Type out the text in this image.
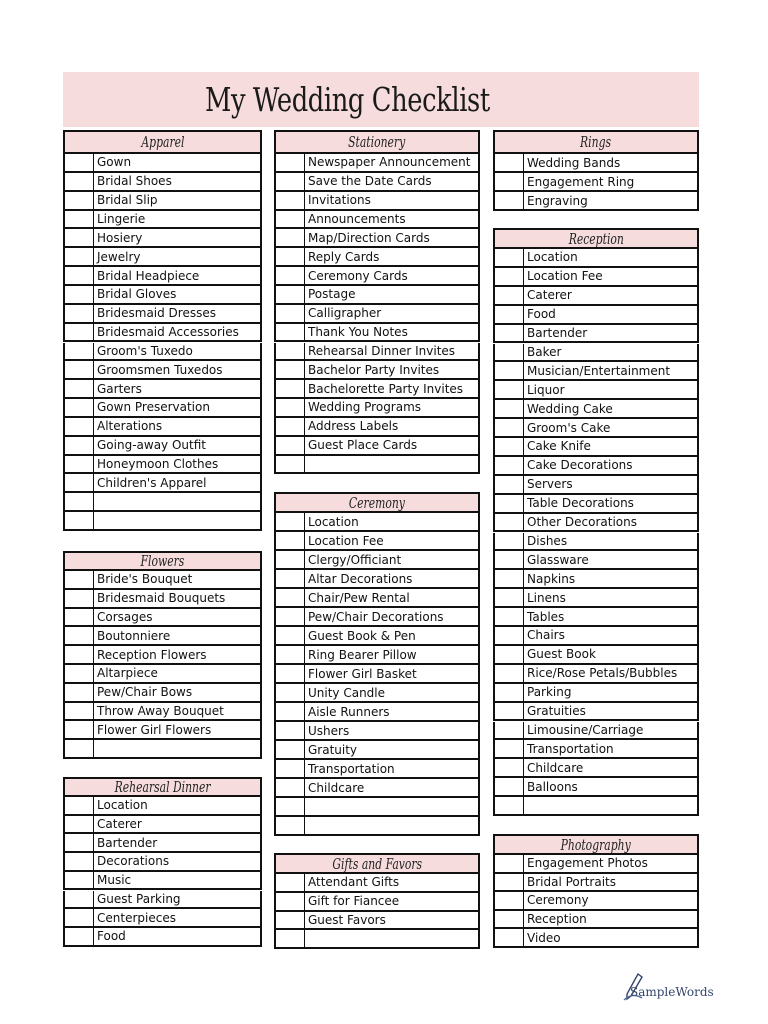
My Wedding Checklist
Apparel
Gown
Bridal Shoes
Bridal Slip
Lingerie
Hosiery
Jewelry
Bridal Headpiece
Bridal Gloves
Bridesmaid Dresses
Bridesmaid Accessories
Groom's Tuxedo
Groomsmen Tuxedos
Garters
Gown Preservation
Alterations
Going-away Outfit
Honeymoon Clothes
Children's Apparel
Flowers
Bride's Bouquet
Bridesmaid Bouquets
Corsages
Boutonniere
Reception Flowers
Altarpiece
Pew/Chair Bows
Throw Away Bouquet
Flower Girl Flowers
Rehearsal Dinner
Location
Caterer
Bartender
Decorations
Music
Guest Parking
Centerpieces
Food
Stationery
Newspaper Announcement
Save the Date Cards
Invitations
Announcements
Map/Direction Cards
Reply Cards
Ceremony Cards
Postage
Calligrapher
Thank You Notes
Rehearsal Dinner Invites
Bachelor Party Invites
Bachelorette Party Invites
Wedding Programs
Address Labels
Guest Place Cards
Ceremony
Location
Location Fee
Clergy/Officiant
Altar Decorations
Chair/Pew Rental
Pew/Chair Decorations
Guest Book & Pen
Ring Bearer Pillow
Flower Girl Basket
Unity Candle
Aisle Runners
Ushers
Gratuity
Transportation
Childcare
Gifts and Favors
Attendant Gifts
Gift for Fiancee
Guest Favors
Rings
Wedding Bands
Engagement Ring
Engraving
Reception
Location
Location Fee
Caterer
Food
Bartender
Baker
Musician/Entertainment
Liquor
Wedding Cake
Groom's Cake
Cake Knife
Cake Decorations
Servers
Table Decorations
Other Decorations
Dishes
Glassware
Napkins
Linens
Tables
Chairs
Guest Book
Rice/Rose Petals/Bubbles
Parking
Gratuities
Limousine/Carriage
Transportation
Childcare
Balloons
Photography
Engagement Photos
Bridal Portraits
Ceremony
Reception
Video
SampleWords
